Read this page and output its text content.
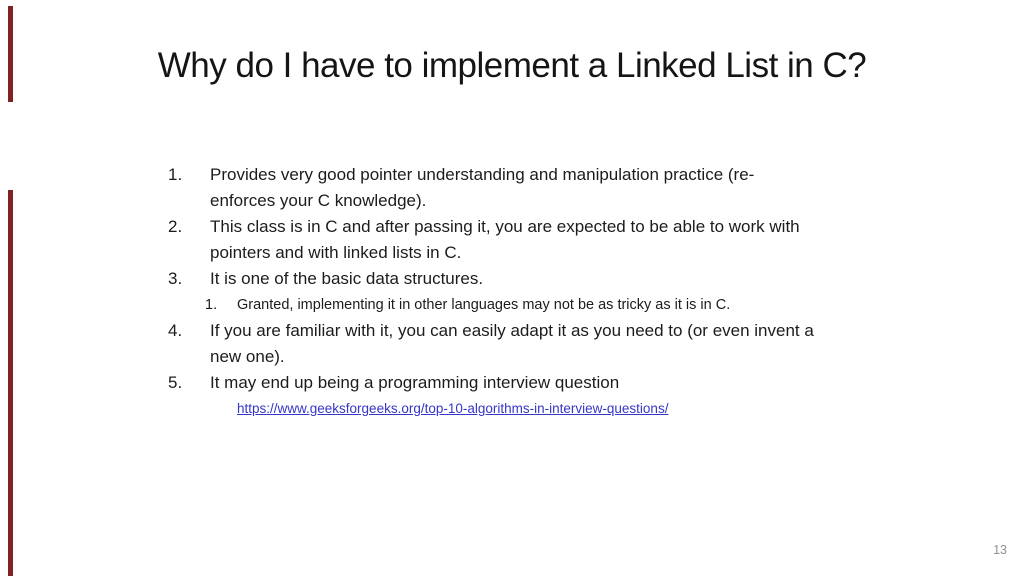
Why do I have to implement a Linked List in C?
1.	Provides very good pointer understanding and manipulation practice (re-
enforces your C knowledge).
2.	This class is in C and after passing it, you are expected to be able to work with
pointers and with linked lists in C.
3.	It is one of the basic data structures.
1.	Granted, implementing it in other languages may not be as tricky as it is in C.
4.	If you are familiar with it, you can easily adapt it as you need to (or even invent a
new one).
5.	It may end up being a programming interview question
https://www.geeksforgeeks.org/top-10-algorithms-in-interview-questions/
13
